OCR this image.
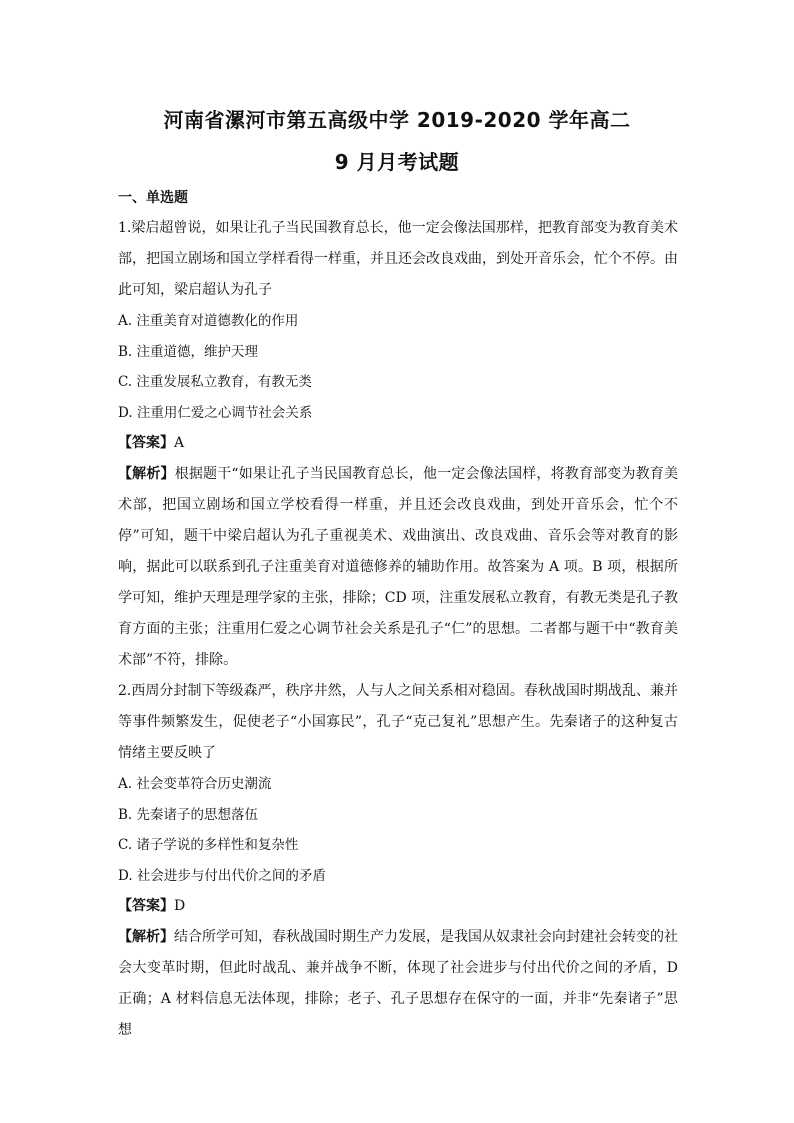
河南省漯河市第五高级中学 2019-2020 学年高二
9 月月考试题
一、单选题

1.梁启超曾说，如果让孔子当民国教育总长，他一定会像法国那样，把教育部变为教育美术部，把国立剧场和国立学样看得一样重，并且还会改良戏曲，到处开音乐会，忙个不停。由此可知，梁启超认为孔子

A. 注重美育对道德教化的作用
B. 注重道德，维护天理
C. 注重发展私立教育，有教无类
D. 注重用仁爱之心调节社会关系
【答案】A

【解析】根据题干“如果让孔子当民国教育总长，他一定会像法国样，将教育部变为教育美术部，把国立剧场和国立学校看得一样重，并且还会改良戏曲，到处开音乐会，忙个不停”可知，题干中梁启超认为孔子重视美术、戏曲演出、改良戏曲、音乐会等对教育的影响，据此可以联系到孔子注重美育对道德修养的辅助作用。故答案为 A 项。B 项，根据所学可知，维护天理是理学家的主张，排除；CD 项，注重发展私立教育，有教无类是孔子教育方面的主张；注重用仁爱之心调节社会关系是孔子“仁”的思想。二者都与题干中“教育美术部”不符，排除。

2.西周分封制下等级森严，秩序井然，人与人之间关系相对稳固。春秋战国时期战乱、兼并等事件频繁发生，促使老子“小国寡民”，孔子“克己复礼”思想产生。先秦诸子的这种复古情绪主要反映了

A. 社会变革符合历史潮流
B. 先秦诸子的思想落伍
C. 诸子学说的多样性和复杂性
D. 社会进步与付出代价之间的矛盾
【答案】D

【解析】结合所学可知，春秋战国时期生产力发展，是我国从奴隶社会向封建社会转变的社会大变革时期，但此时战乱、兼并战争不断，体现了社会进步与付出代价之间的矛盾，D 正确；A 材料信息无法体现，排除；老子、孔子思想存在保守的一面，并非“先秦诸子”思想
